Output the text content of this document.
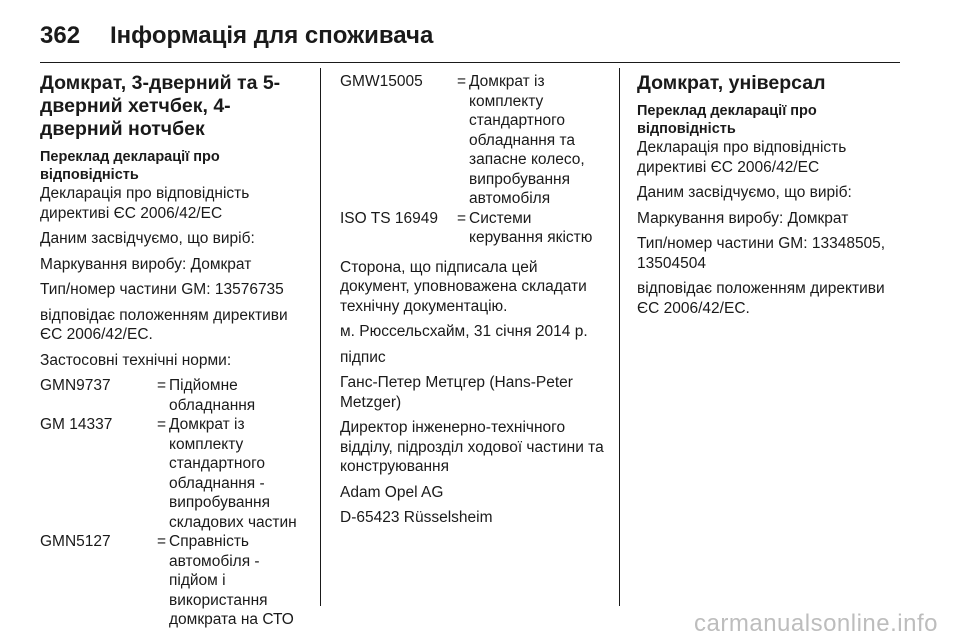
362	Інформація для споживача
Домкрат, 3-дверний та 5-дверний хетчбек, 4-дверний нотчбек
Переклад декларації про відповідність
Декларація про відповідність директиві ЄС 2006/42/ЕС
Даним засвідчуємо, що виріб:
Маркування виробу: Домкрат
Тип/номер частини GM: 13576735
відповідає положенням директиви ЄС 2006/42/ЕС.
Застосовні технічні норми:
GMN9737	= Підйомне обладнання
GM 14337	= Домкрат із комплекту стандартного обладнання - випробування складових частин
GMN5127	= Справність автомобіля - підйом і використання домкрата на СТО
GMW15005	= Домкрат із комплекту стандартного обладнання та запасне колесо, випробування автомобіля
ISO TS 16949	= Системи керування якістю
Сторона, що підписала цей документ, уповноважена складати технічну документацію.
м. Рюссельсхайм, 31 січня 2014 р.
підпис
Ганс-Петер Метцгер (Hans-Peter Metzger)
Директор інженерно-технічного відділу, підрозділ ходової частини та конструювання
Adam Opel AG
D-65423 Rüsselsheim
Домкрат, універсал
Переклад декларації про відповідність
Декларація про відповідність директиві ЄС 2006/42/ЕС
Даним засвідчуємо, що виріб:
Маркування виробу: Домкрат
Тип/номер частини GM: 13348505, 13504504
відповідає положенням директиви ЄС 2006/42/ЕС.
carmanualsonline.info
